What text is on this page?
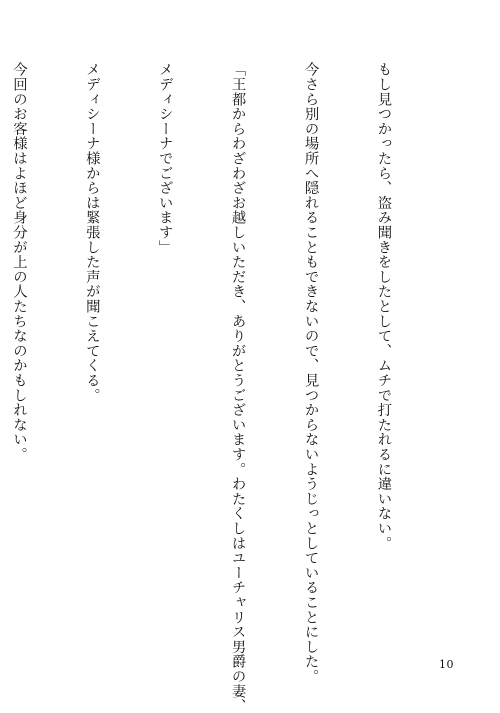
もし見つかったら、盗み聞きをしたとして、ムチで打たれるに違いない。

今さら別の場所へ隠れることもできないので、見つからないようじっとしていることにした。

「王都からわざわざお越しいただき、ありがとうございます。わたくしはユーチャリス男爵の妻、

メディシーナでございます」

メディシーナ様からは緊張した声が聞こえてくる。

今回のお客様はよほど身分が上の人たちなのかもしれない。

10
